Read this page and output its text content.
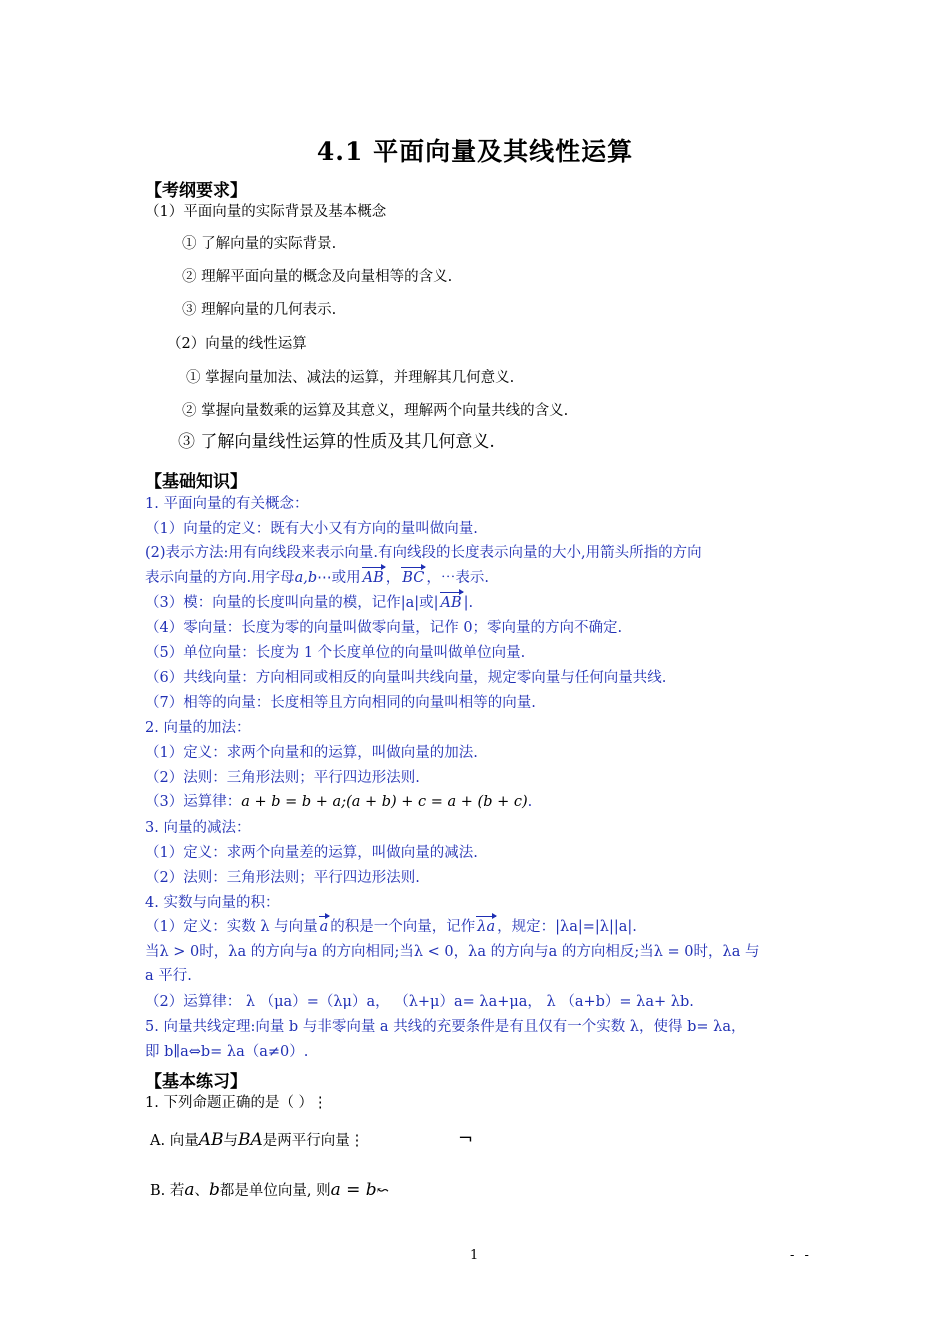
4.1 平面向量及其线性运算
【考纲要求】
（1）平面向量的实际背景及基本概念
① 了解向量的实际背景.
② 理解平面向量的概念及向量相等的含义.
③ 理解向量的几何表示.
（2）向量的线性运算
① 掌握向量加法、减法的运算，并理解其几何意义.
② 掌握向量数乘的运算及其意义，理解两个向量共线的含义.
③ 了解向量线性运算的性质及其几何意义.
【基础知识】
1. 平面向量的有关概念：
（1）向量的定义：既有大小又有方向的量叫做向量.
(2)表示方法:用有向线段来表示向量.有向线段的长度表示向量的大小,用箭头所指的方向
表示向量的方向.用字母a,b⋯或用 AB ， BC ，⋯表示.
（3）模：向量的长度叫向量的模，记作|a|或| AB |.
（4）零向量：长度为零的向量叫做零向量，记作 0；零向量的方向不确定.
（5）单位向量：长度为 1 个长度单位的向量叫做单位向量.
（6）共线向量：方向相同或相反的向量叫共线向量，规定零向量与任何向量共线.
（7）相等的向量：长度相等且方向相同的向量叫相等的向量.
2. 向量的加法：
（1）定义：求两个向量和的运算，叫做向量的加法.
（2）法则：三角形法则；平行四边形法则.
（3）运算律：a + b = b + a;(a + b) + c = a + (b + c).
3. 向量的减法：
（1）定义：求两个向量差的运算，叫做向量的减法.
（2）法则：三角形法则；平行四边形法则.
4. 实数与向量的积：
（1）定义：实数 λ 与向量 a 的积是一个向量，记作 λa ，规定：|λa|=|λ||a|.
当λ > 0时，λa 的方向与a 的方向相同;当λ < 0，λa 的方向与a 的方向相反;当λ = 0时，λa 与
a 平行.
（2）运算律： λ （μa）=（λμ）a， （λ+μ）a= λa+μa， λ （a+b）= λa+ λb.
5. 向量共线定理:向量 b 与非零向量 a 共线的充要条件是有且仅有一个实数 λ，使得 b= λa，
即 b∥a⇔b= λa（a≠0）.
【基本练习】
1. 下列命题正确的是（ ）⋮
A. 向量AB与BA是两平行向量⋮	¬
B. 若a、b都是单位向量, 则a = b↜
1	- -
